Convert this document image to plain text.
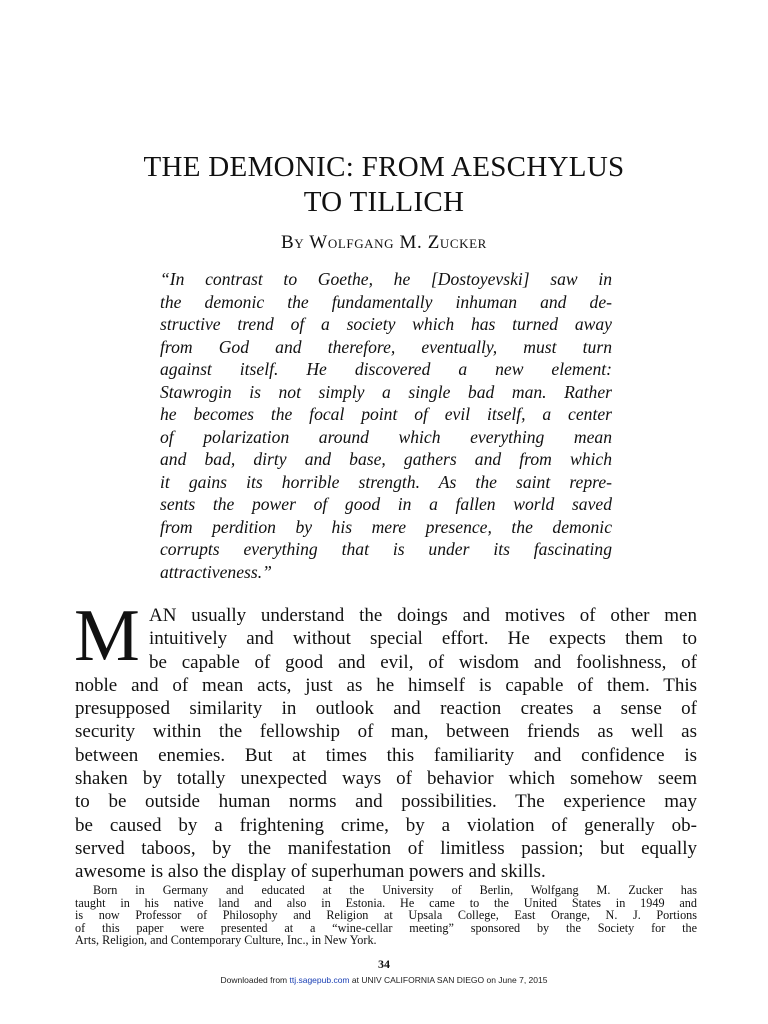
THE DEMONIC: FROM AESCHYLUS
TO TILLICH
By Wolfgang M. Zucker
“In contrast to Goethe, he [Dostoyevski] saw in
the demonic the fundamentally inhuman and de-
structive trend of a society which has turned away
from God and therefore, eventually, must turn
against itself. He discovered a new element:
Stawrogin is not simply a single bad man. Rather
he becomes the focal point of evil itself, a center
of polarization around which everything mean
and bad, dirty and base, gathers and from which
it gains its horrible strength. As the saint repre-
sents the power of good in a fallen world saved
from perdition by his mere presence, the demonic
corrupts everything that is under its fascinating
attractiveness.”
M AN usually understand the doings and motives of other men
intuitively and without special effort. He expects them to
be capable of good and evil, of wisdom and foolishness, of
noble and of mean acts, just as he himself is capable of them. This
presupposed similarity in outlook and reaction creates a sense of
security within the fellowship of man, between friends as well as
between enemies. But at times this familiarity and confidence is
shaken by totally unexpected ways of behavior which somehow seem
to be outside human norms and possibilities. The experience may
be caused by a frightening crime, by a violation of generally ob-
served taboos, by the manifestation of limitless passion; but equally
awesome is also the display of superhuman powers and skills.
Born in Germany and educated at the University of Berlin, Wolfgang M. Zucker has
taught in his native land and also in Estonia. He came to the United States in 1949 and
is now Professor of Philosophy and Religion at Upsala College, East Orange, N. J. Portions
of this paper were presented at a “wine-cellar meeting” sponsored by the Society for the
Arts, Religion, and Contemporary Culture, Inc., in New York.
34
Downloaded from ttj.sagepub.com at UNIV CALIFORNIA SAN DIEGO on June 7, 2015
